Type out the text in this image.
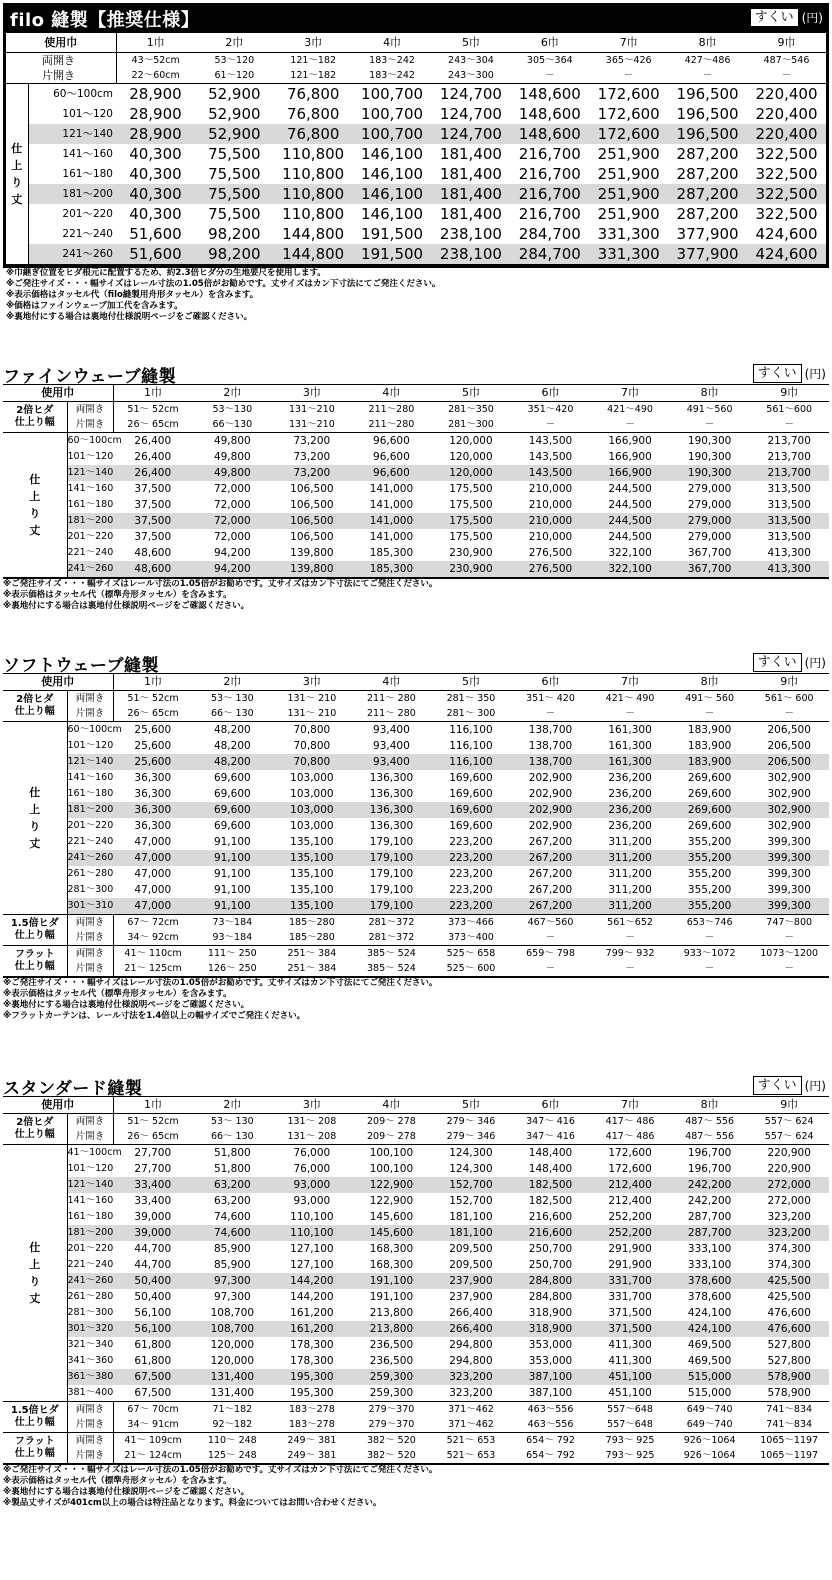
filo 縫製【推奨仕様】	すくい (円)
使用巾		1巾	2巾	3巾	4巾	5巾	6巾	7巾	8巾	9巾
両開き		43～52cm	53～120	121～182	183～242	243～304	305～364	365～426	427～486	487～546
片開き		22～60cm	61～120	121～182	183～242	243～300	－	－	－	－

仕
上
り
丈	60～100cm	28,900	52,900	76,800	100,700	124,700	148,600	172,600	196,500	220,400
	101～120	28,900	52,900	76,800	100,700	124,700	148,600	172,600	196,500	220,400
	121～140	28,900	52,900	76,800	100,700	124,700	148,600	172,600	196,500	220,400
	141～160	40,300	75,500	110,800	146,100	181,400	216,700	251,900	287,200	322,500
	161～180	40,300	75,500	110,800	146,100	181,400	216,700	251,900	287,200	322,500
	181～200	40,300	75,500	110,800	146,100	181,400	216,700	251,900	287,200	322,500
	201～220	40,300	75,500	110,800	146,100	181,400	216,700	251,900	287,200	322,500
	221～240	51,600	98,200	144,800	191,500	238,100	284,700	331,300	377,900	424,600
	241～260	51,600	98,200	144,800	191,500	238,100	284,700	331,300	377,900	424,600
※巾継ぎ位置をヒダ根元に配置するため、約2.3倍ヒダ分の生地要尺を使用します。
※ご発注サイズ・・・幅サイズはレール寸法の1.05倍がお勧めです。丈サイズはカン下寸法にてご発注ください。
※表示価格はタッセル代（filo縫製用舟形タッセル）を含みます。
※価格はファインウェーブ加工代を含みます。
※裏地付にする場合は裏地付仕様説明ページをご確認ください。
ファインウェーブ縫製	すくい (円)
使用巾		1巾	2巾	3巾	4巾	5巾	6巾	7巾	8巾	9巾

2倍ヒダ
仕上り幅	両開き	51～ 52cm	53～130	131～210	211～280	281～350	351～420	421～490	491～560	561～600
	片開き	26～ 65cm	66～130	131～210	211～280	281～300	－	－	－	－

仕
上
り
丈	60～100cm	26,400	49,800	73,200	96,600	120,000	143,500	166,900	190,300	213,700
	101～120	26,400	49,800	73,200	96,600	120,000	143,500	166,900	190,300	213,700
	121～140	26,400	49,800	73,200	96,600	120,000	143,500	166,900	190,300	213,700
	141～160	37,500	72,000	106,500	141,000	175,500	210,000	244,500	279,000	313,500
	161～180	37,500	72,000	106,500	141,000	175,500	210,000	244,500	279,000	313,500
	181～200	37,500	72,000	106,500	141,000	175,500	210,000	244,500	279,000	313,500
	201～220	37,500	72,000	106,500	141,000	175,500	210,000	244,500	279,000	313,500
	221～240	48,600	94,200	139,800	185,300	230,900	276,500	322,100	367,700	413,300
	241～260	48,600	94,200	139,800	185,300	230,900	276,500	322,100	367,700	413,300
※ご発注サイズ・・・幅サイズはレール寸法の1.05倍がお勧めです。丈サイズはカン下寸法にてご発注ください。
※表示価格はタッセル代（標準舟形タッセル）を含みます。
※裏地付にする場合は裏地付仕様説明ページをご確認ください。
ソフトウェーブ縫製	すくい (円)
使用巾		1巾	2巾	3巾	4巾	5巾	6巾	7巾	8巾	9巾

2倍ヒダ
仕上り幅	両開き	51～ 52cm	53～ 130	131～ 210	211～ 280	281～ 350	351～ 420	421～ 490	491～ 560	561～ 600
	片開き	26～ 65cm	66～ 130	131～ 210	211～ 280	281～ 300	－	－	－	－

仕
上
り
丈	60～100cm	25,600	48,200	70,800	93,400	116,100	138,700	161,300	183,900	206,500
	101～120	25,600	48,200	70,800	93,400	116,100	138,700	161,300	183,900	206,500
	121～140	25,600	48,200	70,800	93,400	116,100	138,700	161,300	183,900	206,500
	141～160	36,300	69,600	103,000	136,300	169,600	202,900	236,200	269,600	302,900
	161～180	36,300	69,600	103,000	136,300	169,600	202,900	236,200	269,600	302,900
	181～200	36,300	69,600	103,000	136,300	169,600	202,900	236,200	269,600	302,900
	201～220	36,300	69,600	103,000	136,300	169,600	202,900	236,200	269,600	302,900
	221～240	47,000	91,100	135,100	179,100	223,200	267,200	311,200	355,200	399,300
	241～260	47,000	91,100	135,100	179,100	223,200	267,200	311,200	355,200	399,300
	261～280	47,000	91,100	135,100	179,100	223,200	267,200	311,200	355,200	399,300
	281～300	47,000	91,100	135,100	179,100	223,200	267,200	311,200	355,200	399,300
	301～310	47,000	91,100	135,100	179,100	223,200	267,200	311,200	355,200	399,300

1.5倍ヒダ
仕上り幅	両開き	67～ 72cm	73～184	185～280	281～372	373～466	467～560	561～652	653～746	747～800
	片開き	34～ 92cm	93～184	185～280	281～372	373～400	－	－	－	－

フラット
仕上り幅	両開き	41～ 110cm	111～ 250	251～ 384	385～ 524	525～ 658	659～ 798	799～ 932	933～1072	1073～1200
	片開き	21～ 125cm	126～ 250	251～ 384	385～ 524	525～ 600	－	－	－	－
※ご発注サイズ・・・幅サイズはレール寸法の1.05倍がお勧めです。丈サイズはカン下寸法にてご発注ください。
※表示価格はタッセル代（標準舟形タッセル）を含みます。
※裏地付にする場合は裏地付仕様説明ページをご確認ください。
※フラットカーテンは、レール寸法を1.4倍以上の幅サイズでご発注ください。
スタンダード縫製	すくい (円)
使用巾		1巾	2巾	3巾	4巾	5巾	6巾	7巾	8巾	9巾

2倍ヒダ
仕上り幅	両開き	51～ 52cm	53～ 130	131～ 208	209～ 278	279～ 346	347～ 416	417～ 486	487～ 556	557～ 624
	片開き	26～ 65cm	66～ 130	131～ 208	209～ 278	279～ 346	347～ 416	417～ 486	487～ 556	557～ 624

仕
上
り
丈	41～100cm	27,700	51,800	76,000	100,100	124,300	148,400	172,600	196,700	220,900
	101～120	27,700	51,800	76,000	100,100	124,300	148,400	172,600	196,700	220,900
	121～140	33,400	63,200	93,000	122,900	152,700	182,500	212,400	242,200	272,000
	141～160	33,400	63,200	93,000	122,900	152,700	182,500	212,400	242,200	272,000
	161～180	39,000	74,600	110,100	145,600	181,100	216,600	252,200	287,700	323,200
	181～200	39,000	74,600	110,100	145,600	181,100	216,600	252,200	287,700	323,200
	201～220	44,700	85,900	127,100	168,300	209,500	250,700	291,900	333,100	374,300
	221～240	44,700	85,900	127,100	168,300	209,500	250,700	291,900	333,100	374,300
	241～260	50,400	97,300	144,200	191,100	237,900	284,800	331,700	378,600	425,500
	261～280	50,400	97,300	144,200	191,100	237,900	284,800	331,700	378,600	425,500
	281～300	56,100	108,700	161,200	213,800	266,400	318,900	371,500	424,100	476,600
	301～320	56,100	108,700	161,200	213,800	266,400	318,900	371,500	424,100	476,600
	321～340	61,800	120,000	178,300	236,500	294,800	353,000	411,300	469,500	527,800
	341～360	61,800	120,000	178,300	236,500	294,800	353,000	411,300	469,500	527,800
	361～380	67,500	131,400	195,300	259,300	323,200	387,100	451,100	515,000	578,900
	381～400	67,500	131,400	195,300	259,300	323,200	387,100	451,100	515,000	578,900

1.5倍ヒダ
仕上り幅	両開き	67～ 70cm	71～182	183～278	279～370	371～462	463～556	557～648	649～740	741～834
	片開き	34～ 91cm	92～182	183～278	279～370	371～462	463～556	557～648	649～740	741～834

フラット
仕上り幅	両開き	41～ 109cm	110～ 248	249～ 381	382～ 520	521～ 653	654～ 792	793～ 925	926～1064	1065～1197
	片開き	21～ 124cm	125～ 248	249～ 381	382～ 520	521～ 653	654～ 792	793～ 925	926～1064	1065～1197
※ご発注サイズ・・・幅サイズはレール寸法の1.05倍がお勧めです。丈サイズはカン下寸法にてご発注ください。
※表示価格はタッセル代（標準舟形タッセル）を含みます。
※裏地付にする場合は裏地付仕様説明ページをご確認ください。
※製品丈サイズが401cm以上の場合は特注品となります。料金についてはお問い合わせください。
